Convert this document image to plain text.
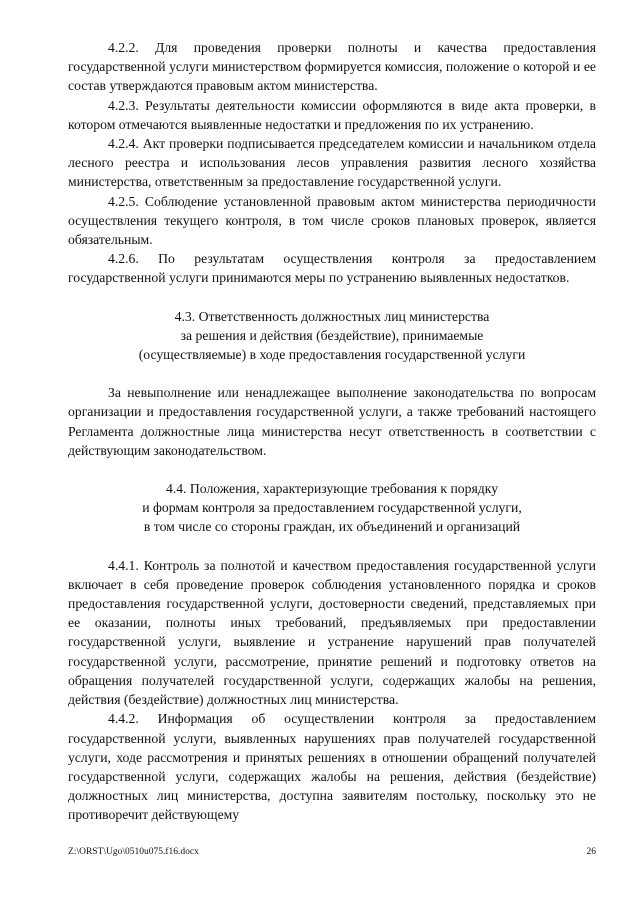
4.2.2. Для проведения проверки полноты и качества предоставления государственной услуги министерством формируется комиссия, положение о которой и ее состав утверждаются правовым актом министерства.

4.2.3. Результаты деятельности комиссии оформляются в виде акта проверки, в котором отмечаются выявленные недостатки и предложения по их устранению.

4.2.4. Акт проверки подписывается председателем комиссии и начальником отдела лесного реестра и использования лесов управления развития лесного хозяйства министерства, ответственным за предоставление государственной услуги.

4.2.5. Соблюдение установленной правовым актом министерства периодичности осуществления текущего контроля, в том числе сроков плановых проверок, является обязательным.

4.2.6. По результатам осуществления контроля за предоставлением государственной услуги принимаются меры по устранению выявленных недостатков.

4.3. Ответственность должностных лиц министерства

за решения и действия (бездействие), принимаемые

(осуществляемые) в ходе предоставления государственной услуги

За невыполнение или ненадлежащее выполнение законодательства по вопросам организации и предоставления государственной услуги, а также требований настоящего Регламента должностные лица министерства несут ответственность в соответствии с действующим законодательством.

4.4. Положения, характеризующие требования к порядку

и формам контроля за предоставлением государственной услуги,

в том числе со стороны граждан, их объединений и организаций

4.4.1. Контроль за полнотой и качеством предоставления государственной услуги включает в себя проведение проверок соблюдения установленного порядка и сроков предоставления государственной услуги, достоверности сведений, представляемых при ее оказании, полноты иных требований, предъявляемых при предоставлении государственной услуги, выявление и устранение нарушений прав получателей государственной услуги, рассмотрение, принятие решений и подготовку ответов на обращения получателей государственной услуги, содержащих жалобы на решения, действия (бездействие) должностных лиц министерства.

4.4.2. Информация об осуществлении контроля за предоставлением государственной услуги, выявленных нарушениях прав получателей государственной услуги, ходе рассмотрения и принятых решениях в отношении обращений получателей государственной услуги, содержащих жалобы на решения, действия (бездействие) должностных лиц министерства, доступна заявителям постольку, поскольку это не противоречит действующему

Z:\ORST\Ugo\0510u075.f16.docx	26
